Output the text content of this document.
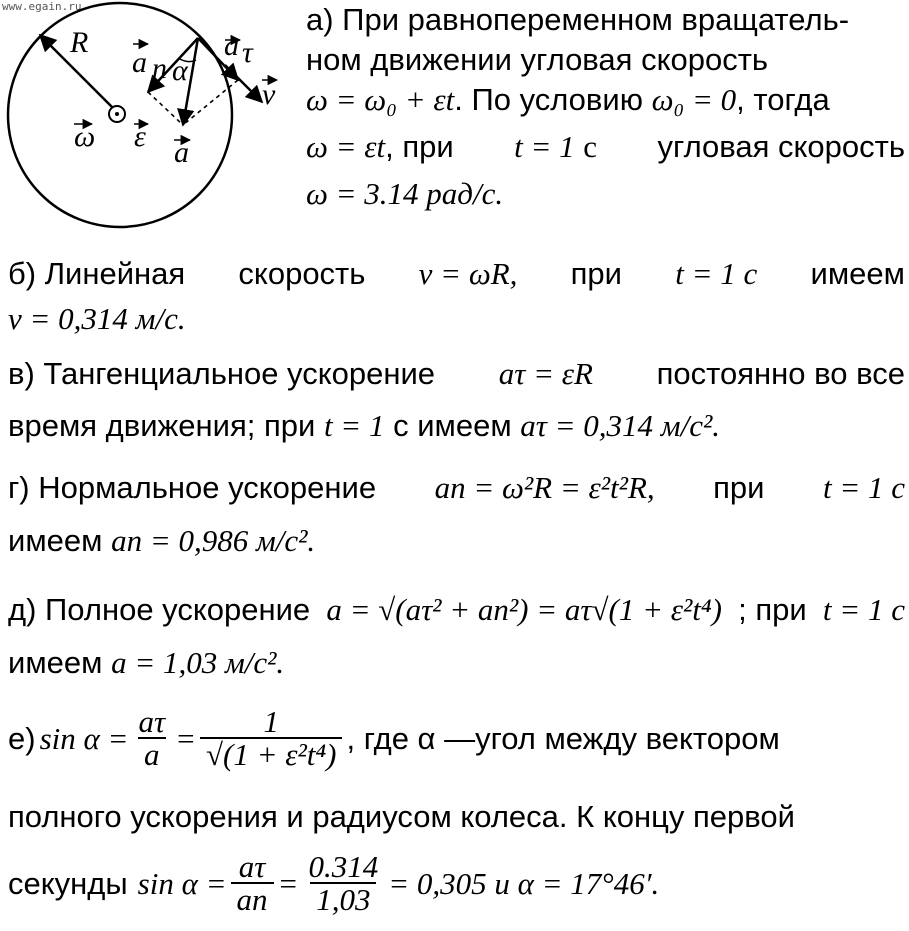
www.egain.ru
R
a n α
a τ
v
ω ε a
а) При равнопеременном вращатель-
ном движении угловая скорость
ω = ω₀ + εt. По условию ω₀ = 0, тогда
ω = εt, при t = 1 с угловая скорость
ω = 3.14 рад/с.
б) Линейная скорость v = ωR, при t = 1 с имеем
v = 0,314 м/с.
в) Тангенциальное ускорение aτ = εR постоянно во все
время движения; при t = 1 с имеем aτ = 0,314 м/с².
г) Нормальное ускорение an = ω²R = ε²t²R, при t = 1 с
имеем an = 0,986 м/с².
д) Полное ускорение a = √(aτ² + an²) = aτ√(1 + ε²t⁴) ; при t = 1 с
имеем a = 1,03 м/с².
е) $\sin \alpha = \frac{a\tau}{a} = \frac{1}{\text{√(1 + ε²t⁴)}}$ , где α —угол между вектором
полного ускорения и радиусом колеса. К концу первой
секунды $\sin \alpha = \frac{a\tau}{an} = \frac{0.314}{1,03} = 0,305$ и α = 17°46′.
